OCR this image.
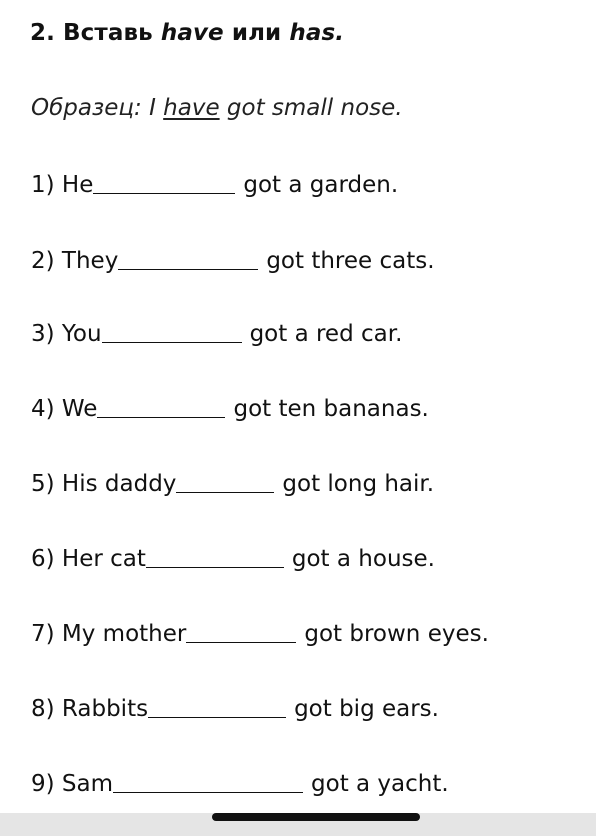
2. Вставь have или has.
Образец: I have got small nose.
1) He	got a garden.
2) They	got three cats.
3) You	got a red car.
4) We	got ten bananas.
5) His daddy	got long hair.
6) Her cat	got a house.
7) My mother	got brown eyes.
8) Rabbits	got big ears.
9) Sam	got a yacht.
